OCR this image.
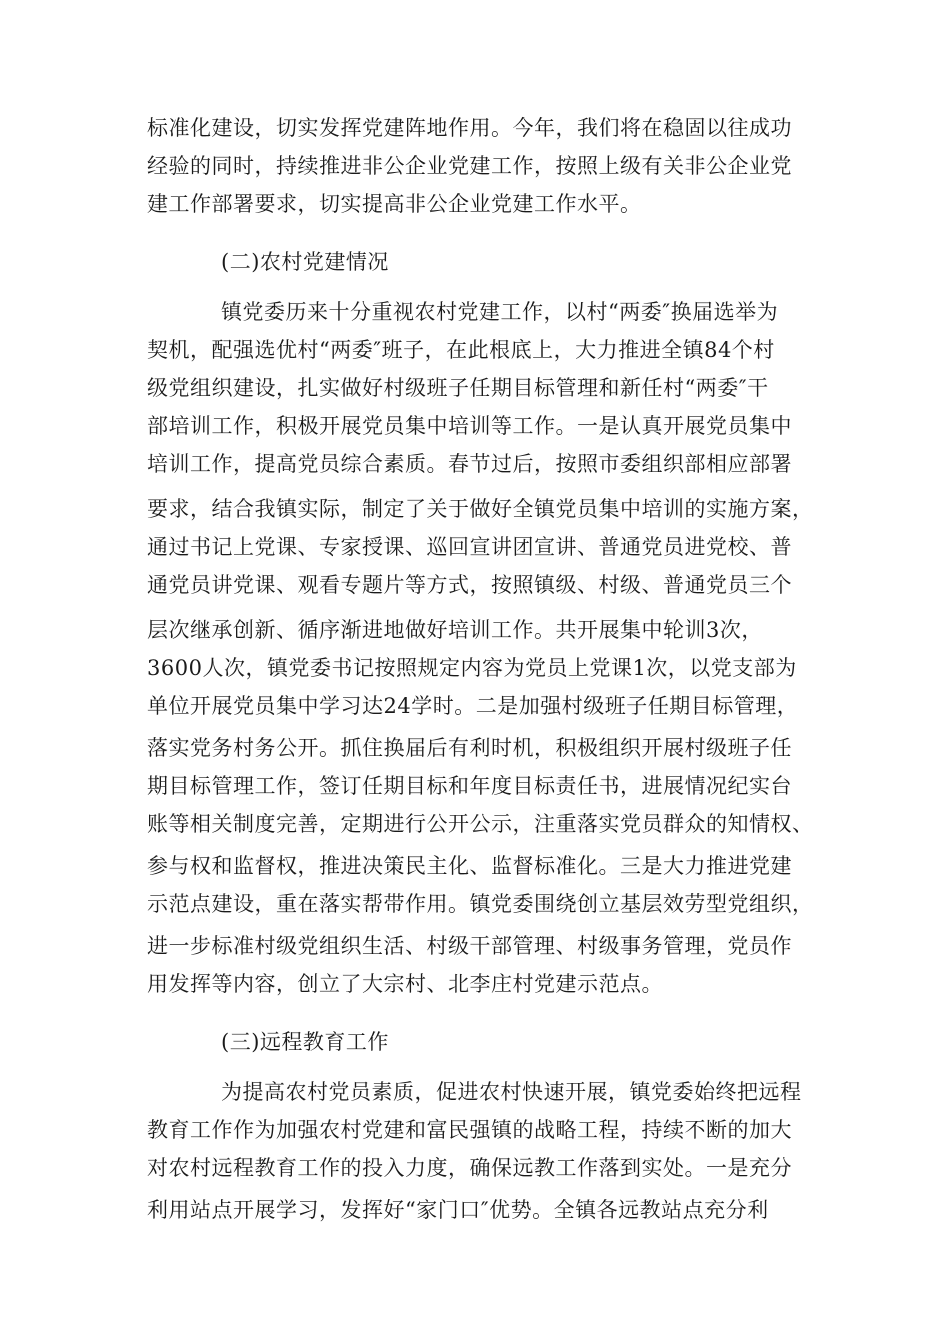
标准化建设，切实发挥党建阵地作用。今年，我们将在稳固以往成功
经验的同时，持续推进非公企业党建工作，按照上级有关非公企业党
建工作部署要求，切实提高非公企业党建工作水平。
(二)农村党建情况
镇党委历来十分重视农村党建工作，以村“两委″换届选举为
契机，配强选优村“两委″班子，在此根底上，大力推进全镇84个村
级党组织建设，扎实做好村级班子任期目标管理和新任村“两委″干
部培训工作，积极开展党员集中培训等工作。一是认真开展党员集中
培训工作，提高党员综合素质。春节过后，按照市委组织部相应部署
要求，结合我镇实际，制定了关于做好全镇党员集中培训的实施方案，
通过书记上党课、专家授课、巡回宣讲团宣讲、普通党员进党校、普
通党员讲党课、观看专题片等方式，按照镇级、村级、普通党员三个
层次继承创新、循序渐进地做好培训工作。共开展集中轮训3次，
3600人次，镇党委书记按照规定内容为党员上党课1次，以党支部为
单位开展党员集中学习达24学时。二是加强村级班子任期目标管理，
落实党务村务公开。抓住换届后有利时机，积极组织开展村级班子任
期目标管理工作，签订任期目标和年度目标责任书，进展情况纪实台
账等相关制度完善，定期进行公开公示，注重落实党员群众的知情权、
参与权和监督权，推进决策民主化、监督标准化。三是大力推进党建
示范点建设，重在落实帮带作用。镇党委围绕创立基层效劳型党组织，
进一步标准村级党组织生活、村级干部管理、村级事务管理，党员作
用发挥等内容，创立了大宗村、北李庄村党建示范点。
(三)远程教育工作
为提高农村党员素质，促进农村快速开展，镇党委始终把远程
教育工作作为加强农村党建和富民强镇的战略工程，持续不断的加大
对农村远程教育工作的投入力度，确保远教工作落到实处。一是充分
利用站点开展学习，发挥好“家门口″优势。全镇各远教站点充分利
